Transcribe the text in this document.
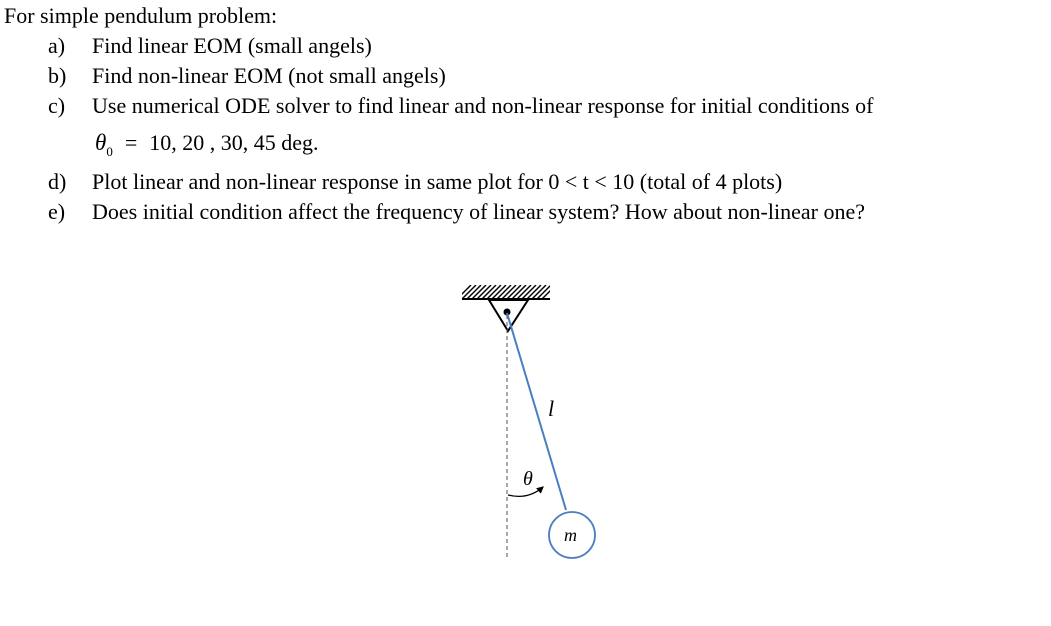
For simple pendulum problem:
a) Find linear EOM (small angels)
b) Find non-linear EOM (not small angels)
c) Use numerical ODE solver to find linear and non-linear response for initial conditions of
$\theta_0 = 10$, 20 , 30, 45 deg.
d) Plot linear and non-linear response in same plot for 0 < t < 10 (total of 4 plots)
e) Does initial condition affect the frequency of linear system? How about non-linear one?
l
θ
m
